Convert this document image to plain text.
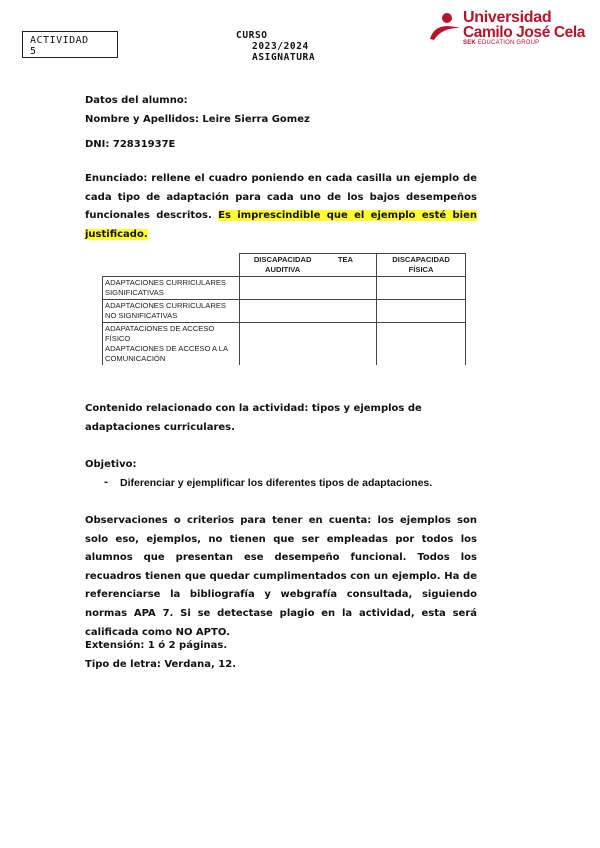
ACTIVIDAD
5
CURSO
2023/2024
ASIGNATURA
Universidad
Camilo José Cela
SEK EDUCATION GROUP
Datos del alumno:
Nombre y Apellidos: Leire Sierra Gomez
DNI: 72831937E
Enunciado: rellene el cuadro poniendo en cada casilla un ejemplo de cada tipo de adaptación para cada uno de los bajos desempeños funcionales descritos. Es imprescindible que el ejemplo esté bien justificado.
	DISCAPACIDAD AUDITIVA	TEA	DISCAPACIDAD FÍSICA
ADAPTACIONES CURRICULARES SIGNIFICATIVAS			
ADAPTACIONES CURRICULARES NO SIGNIFICATIVAS			

ADAPATACIONES DE ACCESO FÍSICO
ADAPTACIONES DE ACCESO A LA COMUNICACIÓN			

Contenido relacionado con la actividad: tipos y ejemplos de adaptaciones curriculares.
Objetivo:
- Diferenciar y ejemplificar los diferentes tipos de adaptaciones.
Observaciones o criterios para tener en cuenta: los ejemplos son solo eso, ejemplos, no tienen que ser empleadas por todos los alumnos que presentan ese desempeño funcional. Todos los recuadros tienen que quedar cumplimentados con un ejemplo. Ha de referenciarse la bibliografía y webgrafía consultada, siguiendo normas APA 7. Si se detectase plagio en la actividad, esta será calificada como NO APTO.
Extensión: 1 ó 2 páginas.
Tipo de letra: Verdana, 12.
